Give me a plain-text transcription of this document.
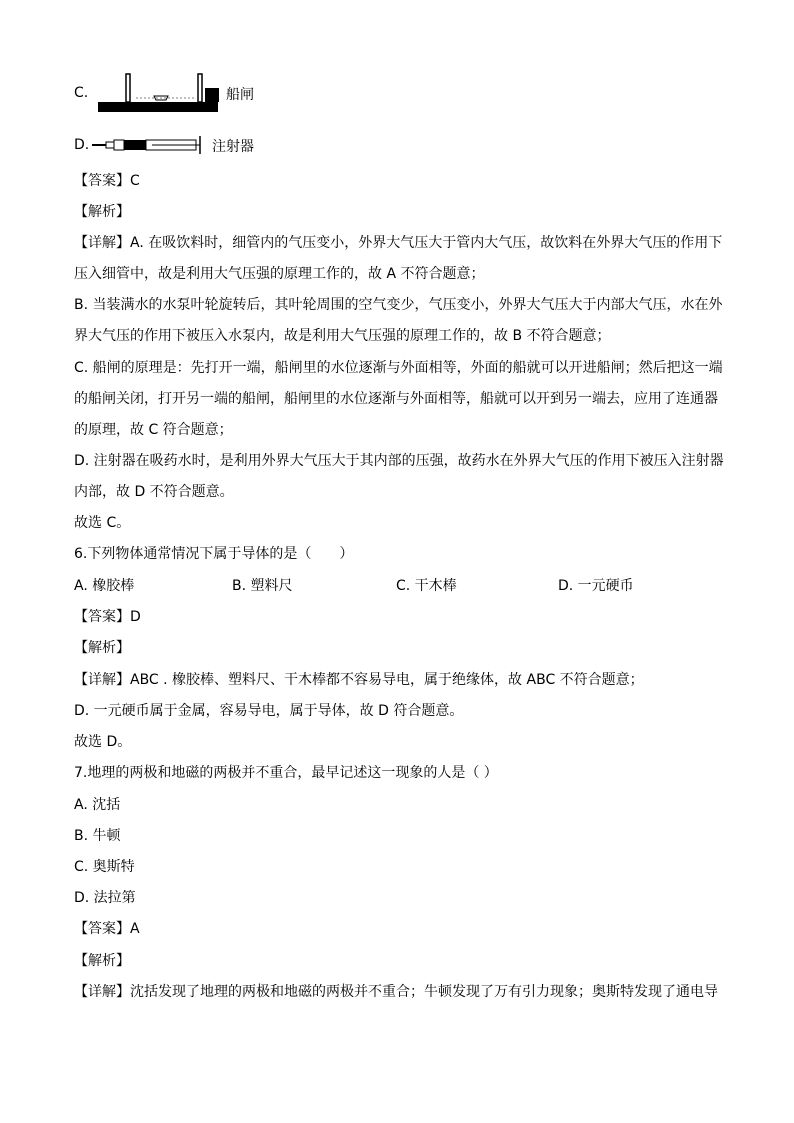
C.	船闸
D.	注射器
【答案】C
【解析】
【详解】A. 在吸饮料时，细管内的气压变小，外界大气压大于管内大气压，故饮料在外界大气压的作用下
压入细管中，故是利用大气压强的原理工作的，故 A 不符合题意；
B. 当装满水的水泵叶轮旋转后，其叶轮周围的空气变少，气压变小，外界大气压大于内部大气压，水在外
界大气压的作用下被压入水泵内，故是利用大气压强的原理工作的，故 B 不符合题意；
C. 船闸的原理是：先打开一端，船闸里的水位逐渐与外面相等，外面的船就可以开进船闸；然后把这一端
的船闸关闭，打开另一端的船闸，船闸里的水位逐渐与外面相等，船就可以开到另一端去，应用了连通器
的原理，故 C 符合题意；
D. 注射器在吸药水时，是利用外界大气压大于其内部的压强，故药水在外界大气压的作用下被压入注射器
内部，故 D 不符合题意。
故选 C。
6.下列物体通常情况下属于导体的是（　　）
A. 橡胶棒	B. 塑料尺	C. 干木棒	D. 一元硬币
【答案】D
【解析】
【详解】ABC . 橡胶棒、塑料尺、干木棒都不容易导电，属于绝缘体，故 ABC 不符合题意；
D. 一元硬币属于金属，容易导电，属于导体，故 D 符合题意。
故选 D。
7.地理的两极和地磁的两极并不重合，最早记述这一现象的人是（ ）
A. 沈括
B. 牛顿
C. 奥斯特
D. 法拉第
【答案】A
【解析】
【详解】沈括发现了地理的两极和地磁的两极并不重合；牛顿发现了万有引力现象；奥斯特发现了通电导
